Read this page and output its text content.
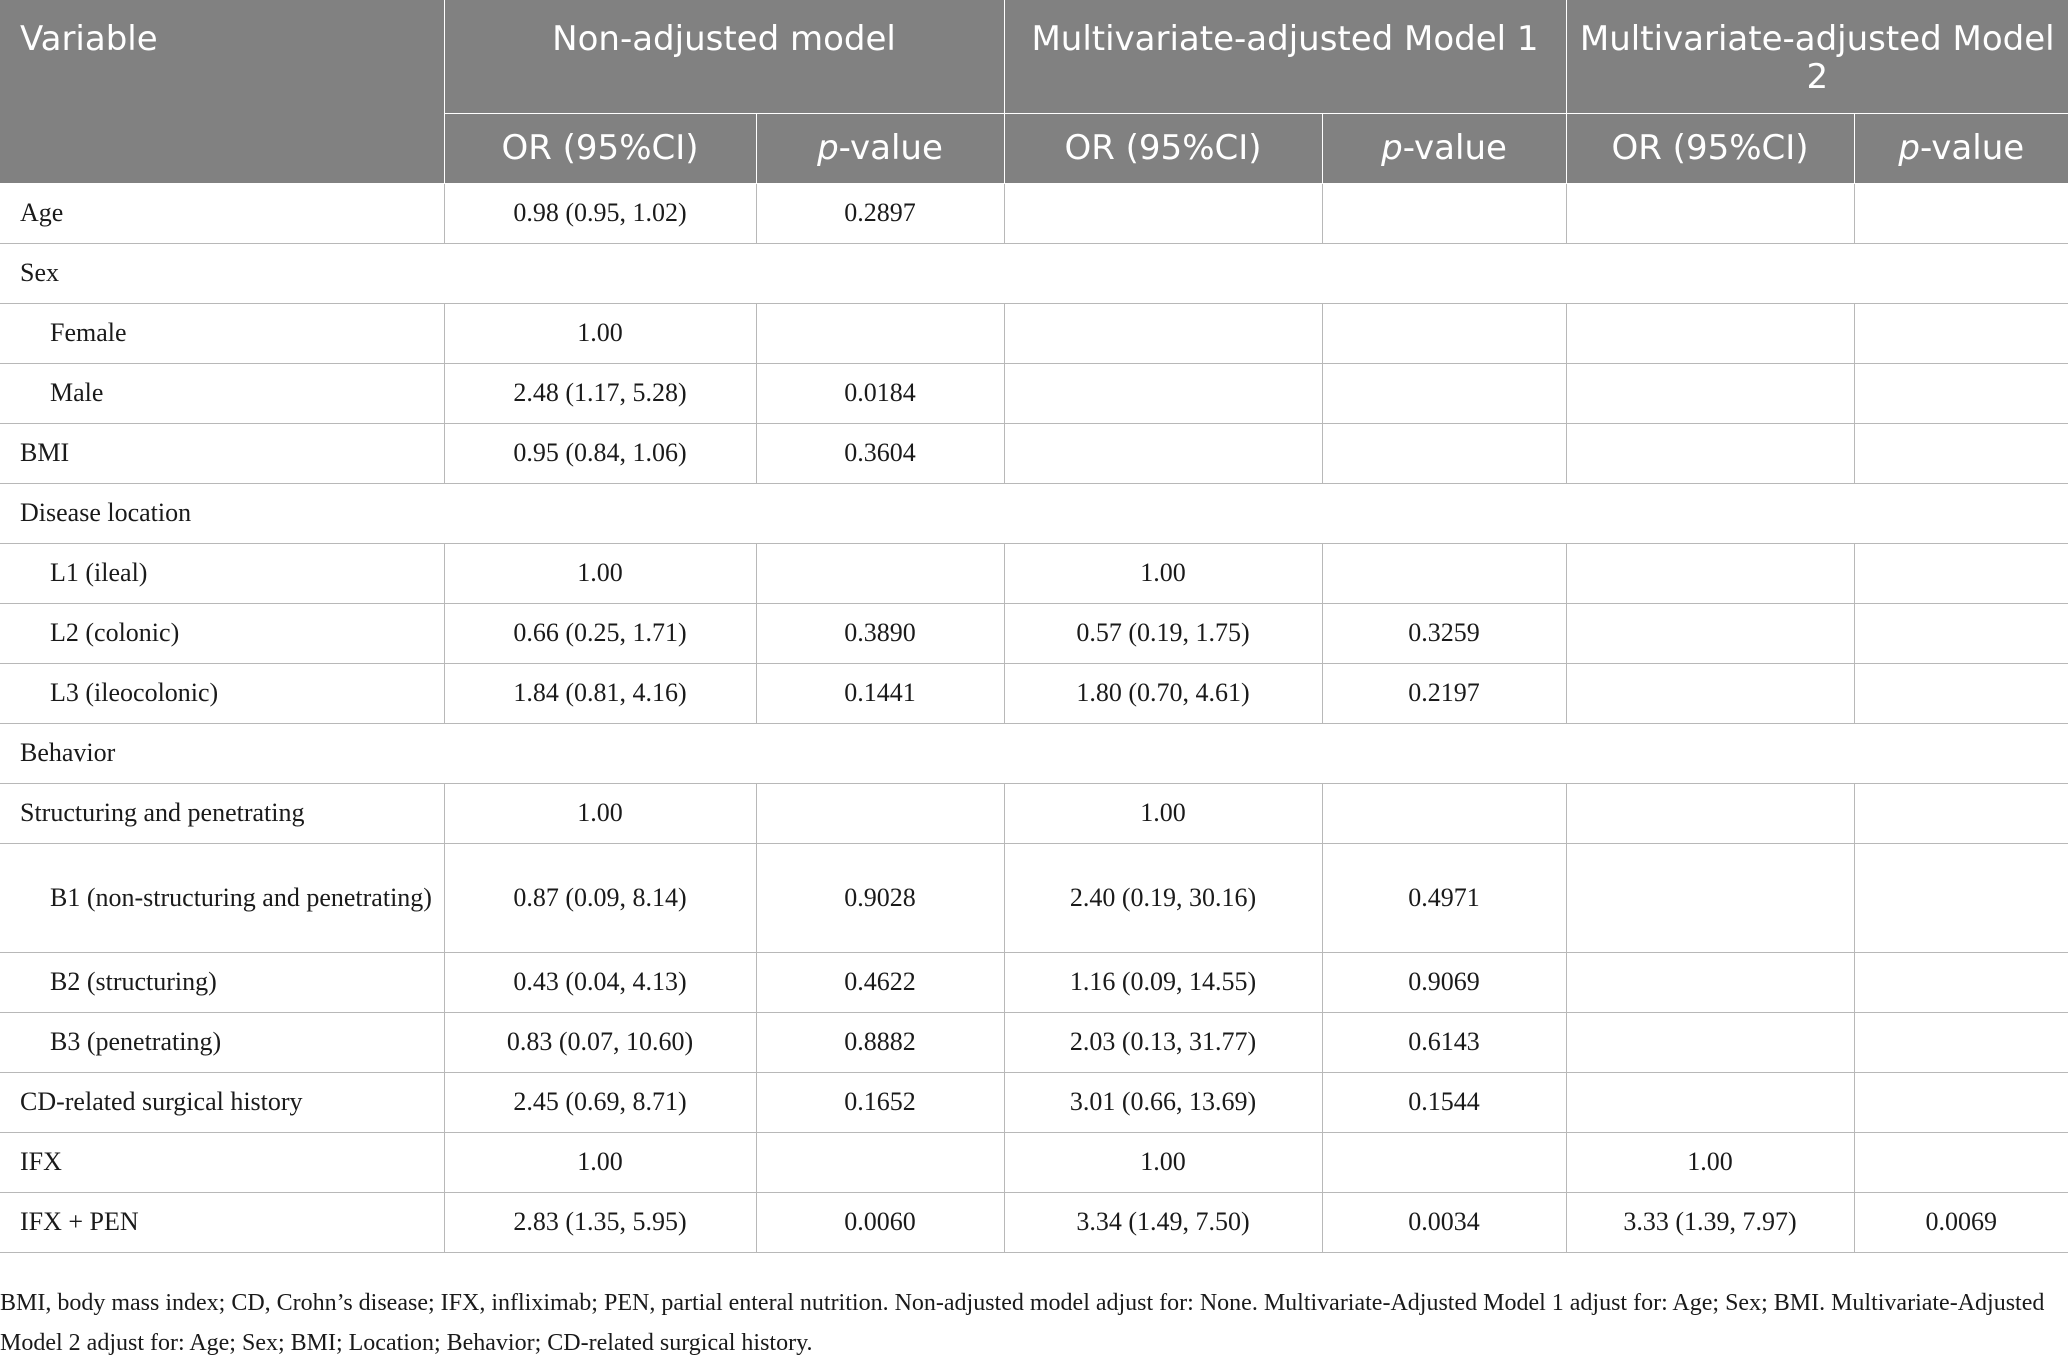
Variable	Non-adjusted model		Multivariate-adjusted Model 1		Multivariate-adjusted Model 2	
	OR (95%CI)	p-value	OR (95%CI)	p-value	OR (95%CI)	p-value
Age	0.98 (0.95, 1.02)	0.2897				
Sex						
Female	1.00					
Male	2.48 (1.17, 5.28)	0.0184				
BMI	0.95 (0.84, 1.06)	0.3604				
Disease location						
L1 (ileal)	1.00		1.00			
L2 (colonic)	0.66 (0.25, 1.71)	0.3890	0.57 (0.19, 1.75)	0.3259		
L3 (ileocolonic)	1.84 (0.81, 4.16)	0.1441	1.80 (0.70, 4.61)	0.2197		
Behavior						
Structuring and penetrating	1.00		1.00			
B1 (non-structuring and penetrating)	0.87 (0.09, 8.14)	0.9028	2.40 (0.19, 30.16)	0.4971		
B2 (structuring)	0.43 (0.04, 4.13)	0.4622	1.16 (0.09, 14.55)	0.9069		
B3 (penetrating)	0.83 (0.07, 10.60)	0.8882	2.03 (0.13, 31.77)	0.6143		
CD-related surgical history	2.45 (0.69, 8.71)	0.1652	3.01 (0.66, 13.69)	0.1544		
IFX	1.00		1.00		1.00	
IFX + PEN	2.83 (1.35, 5.95)	0.0060	3.34 (1.49, 7.50)	0.0034	3.33 (1.39, 7.97)	0.0069

BMI, body mass index; CD, Crohn’s disease; IFX, infliximab; PEN, partial enteral nutrition. Non-adjusted model adjust for: None. Multivariate-Adjusted Model 1 adjust for: Age; Sex; BMI. Multivariate-Adjusted Model 2 adjust for: Age; Sex; BMI; Location; Behavior; CD-related surgical history.
